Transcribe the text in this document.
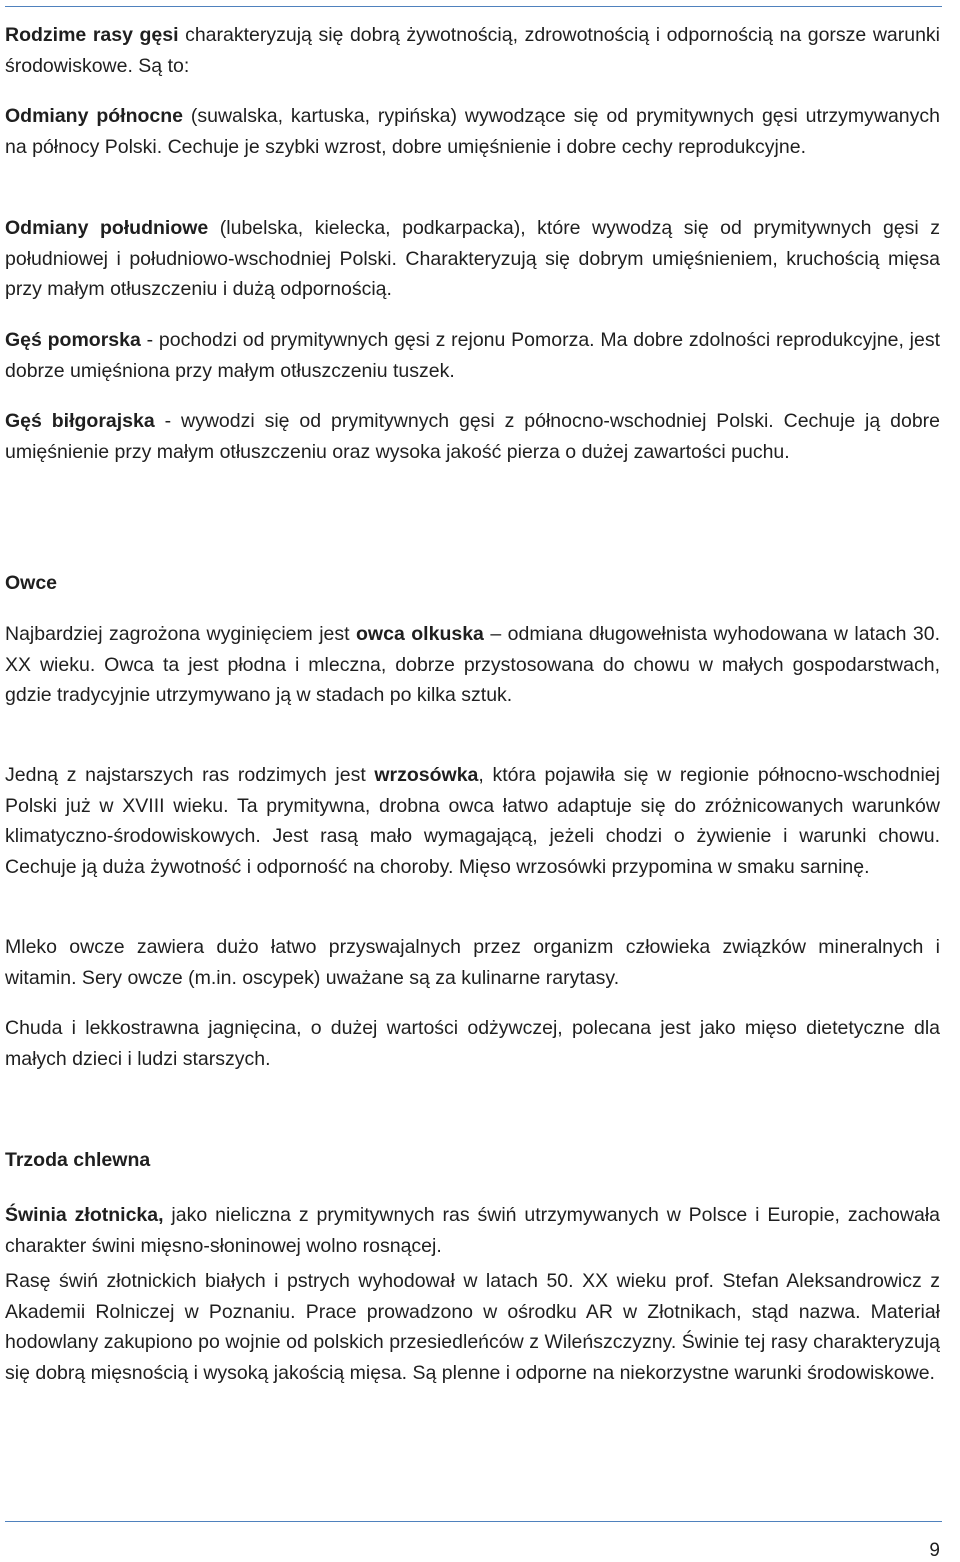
Rodzime rasy gęsi charakteryzują się dobrą żywotnością, zdrowotnością i odpornością na gorsze warunki środowiskowe. Są to:

Odmiany północne (suwalska, kartuska, rypińska) wywodzące się od prymitywnych gęsi utrzymywanych na północy Polski. Cechuje je szybki wzrost, dobre umięśnienie i dobre cechy reprodukcyjne.

Odmiany południowe (lubelska, kielecka, podkarpacka), które wywodzą się od prymitywnych gęsi z południowej i południowo-wschodniej Polski. Charakteryzują się dobrym umięśnieniem, kruchością mięsa przy małym otłuszczeniu i dużą odpornością.

Gęś pomorska - pochodzi od prymitywnych gęsi z rejonu Pomorza. Ma dobre zdolności reprodukcyjne, jest dobrze umięśniona przy małym otłuszczeniu tuszek.

Gęś biłgorajska - wywodzi się od prymitywnych gęsi z północno-wschodniej Polski. Cechuje ją dobre umięśnienie przy małym otłuszczeniu oraz wysoka jakość pierza o dużej zawartości puchu.

Owce

Najbardziej zagrożona wyginięciem jest owca olkuska – odmiana długowełnista wyhodowana w latach 30. XX wieku. Owca ta jest płodna i mleczna, dobrze przystosowana do chowu w małych gospodarstwach, gdzie tradycyjnie utrzymywano ją w stadach po kilka sztuk.

Jedną z najstarszych ras rodzimych jest wrzosówka, która pojawiła się w regionie północno-wschodniej Polski już w XVIII wieku. Ta prymitywna, drobna owca łatwo adaptuje się do zróżnicowanych warunków klimatyczno-środowiskowych. Jest rasą mało wymagającą, jeżeli chodzi o żywienie i warunki chowu. Cechuje ją duża żywotność i odporność na choroby. Mięso wrzosówki przypomina w smaku sarninę.

Mleko owcze zawiera dużo łatwo przyswajalnych przez organizm człowieka związków mineralnych i witamin. Sery owcze (m.in. oscypek) uważane są za kulinarne rarytasy.

Chuda i lekkostrawna jagnięcina, o dużej wartości odżywczej, polecana jest jako mięso dietetyczne dla małych dzieci i ludzi starszych.

Trzoda chlewna

Świnia złotnicka, jako nieliczna z prymitywnych ras świń utrzymywanych w Polsce i Europie, zachowała charakter świni mięsno-słoninowej wolno rosnącej.

Rasę świń złotnickich białych i pstrych wyhodował w latach 50. XX wieku prof. Stefan Aleksandrowicz z Akademii Rolniczej w Poznaniu. Prace prowadzono w ośrodku AR w Złotnikach, stąd nazwa. Materiał hodowlany zakupiono po wojnie od polskich przesiedleńców z Wileńszczyzny. Świnie tej rasy charakteryzują się dobrą mięsnością i wysoką jakością mięsa. Są plenne i odporne na niekorzystne warunki środowiskowe.

9
